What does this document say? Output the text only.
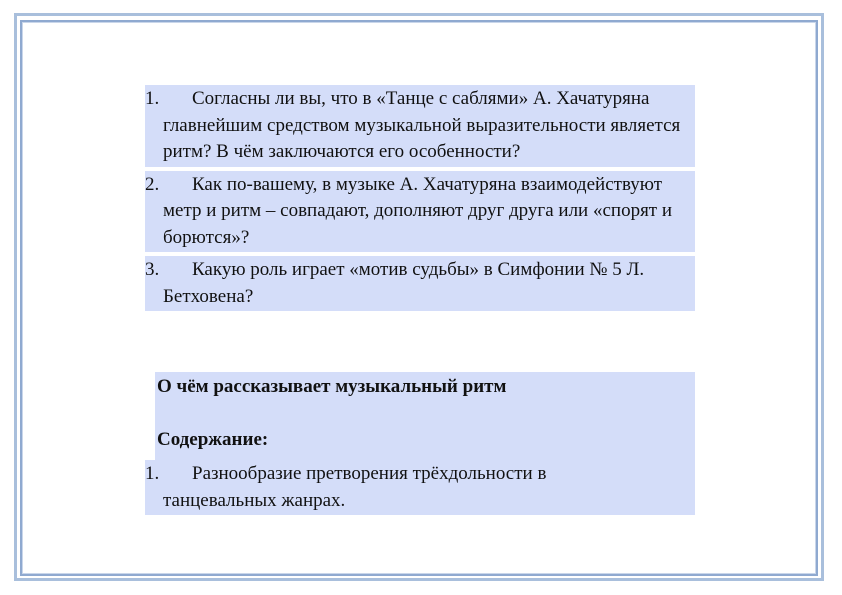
1.	Согласны ли вы, что в «Танце с саблями» А. Хачатуряна главнейшим средством музыкальной выразительности является ритм? В чём заключаются его особенности?
2.	Как по-вашему, в музыке А. Хачатуряна взаимодействуют метр и ритм – совпадают, дополняют друг друга или «спорят и борются»?
3.	Какую роль играет «мотив судьбы» в Симфонии № 5 Л. Бетховена?
О чём рассказывает музыкальный ритм
Содержание:
1.	Разнообразие претворения трёхдольности в
танцевальных жанрах.
